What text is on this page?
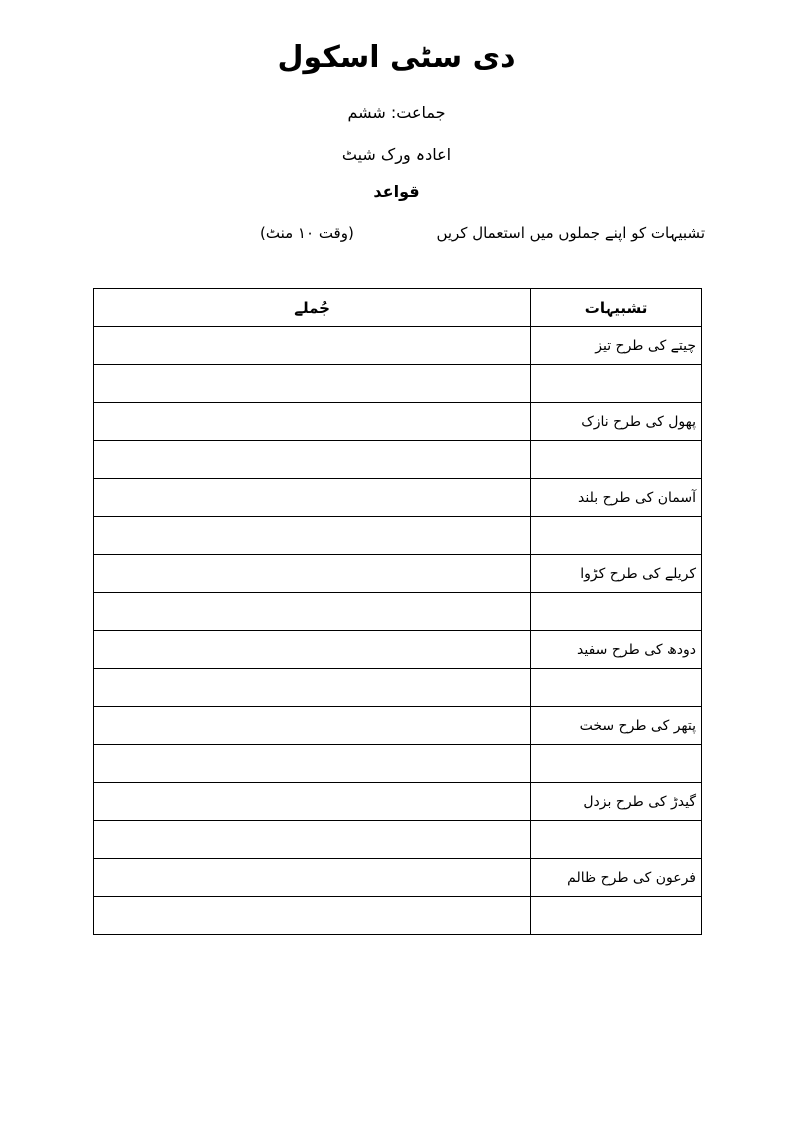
دی سٹی اسکول
جماعت: ششم
اعادہ ورک شیٹ
قواعد
تشبیہات کو اپنے جملوں میں استعمال کریں
(وقت ۱۰ منٹ)
تشبیہات	جُملے
چیتے کی طرح تیز	

پھول کی طرح نازک	

آسمان کی طرح بلند	

کریلے کی طرح کڑوا	

دودھ کی طرح سفید	

پتھر کی طرح سخت	

گیدڑ کی طرح بزدل	

فرعون کی طرح ظالم	
